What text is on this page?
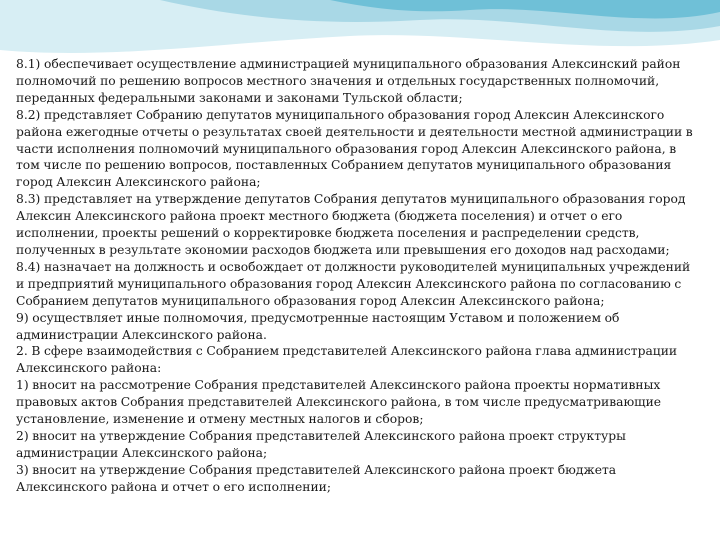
8.1) обеспечивает осуществление администрацией муниципального образования Алексинский район полномочий по решению вопросов местного значения и отдельных государственных полномочий, переданных федеральными законами и законами Тульской области;

8.2) представляет Собранию депутатов муниципального образования город Алексин Алексинского района ежегодные отчеты о результатах своей деятельности и деятельности местной администрации в части исполнения полномочий муниципального образования город Алексин Алексинского района, в том числе по решению вопросов, поставленных Собранием депутатов муниципального образования город Алексин Алексинского района;

8.3) представляет на утверждение депутатов Собрания депутатов муниципального образования город Алексин Алексинского района проект местного бюджета (бюджета поселения) и отчет о его исполнении, проекты решений о корректировке бюджета поселения и распределении средств, полученных в результате экономии расходов бюджета или превышения его доходов над расходами;

8.4) назначает на должность и освобождает от должности руководителей муниципальных учреждений и предприятий муниципального образования город Алексин Алексинского района по согласованию с Собранием депутатов муниципального образования город Алексин Алексинского района;

9) осуществляет иные полномочия, предусмотренные настоящим Уставом и положением об администрации Алексинского района.

2. В сфере взаимодействия с Собранием представителей Алексинского района глава администрации Алексинского района:

1) вносит на рассмотрение Собрания представителей Алексинского района проекты нормативных правовых актов Собрания представителей Алексинского района, в том числе предусматривающие установление, изменение и отмену местных налогов и сборов;

2) вносит на утверждение Собрания представителей Алексинского района проект структуры администрации Алексинского района;

3) вносит на утверждение Собрания представителей Алексинского района проект бюджета Алексинского района и отчет о его исполнении;
